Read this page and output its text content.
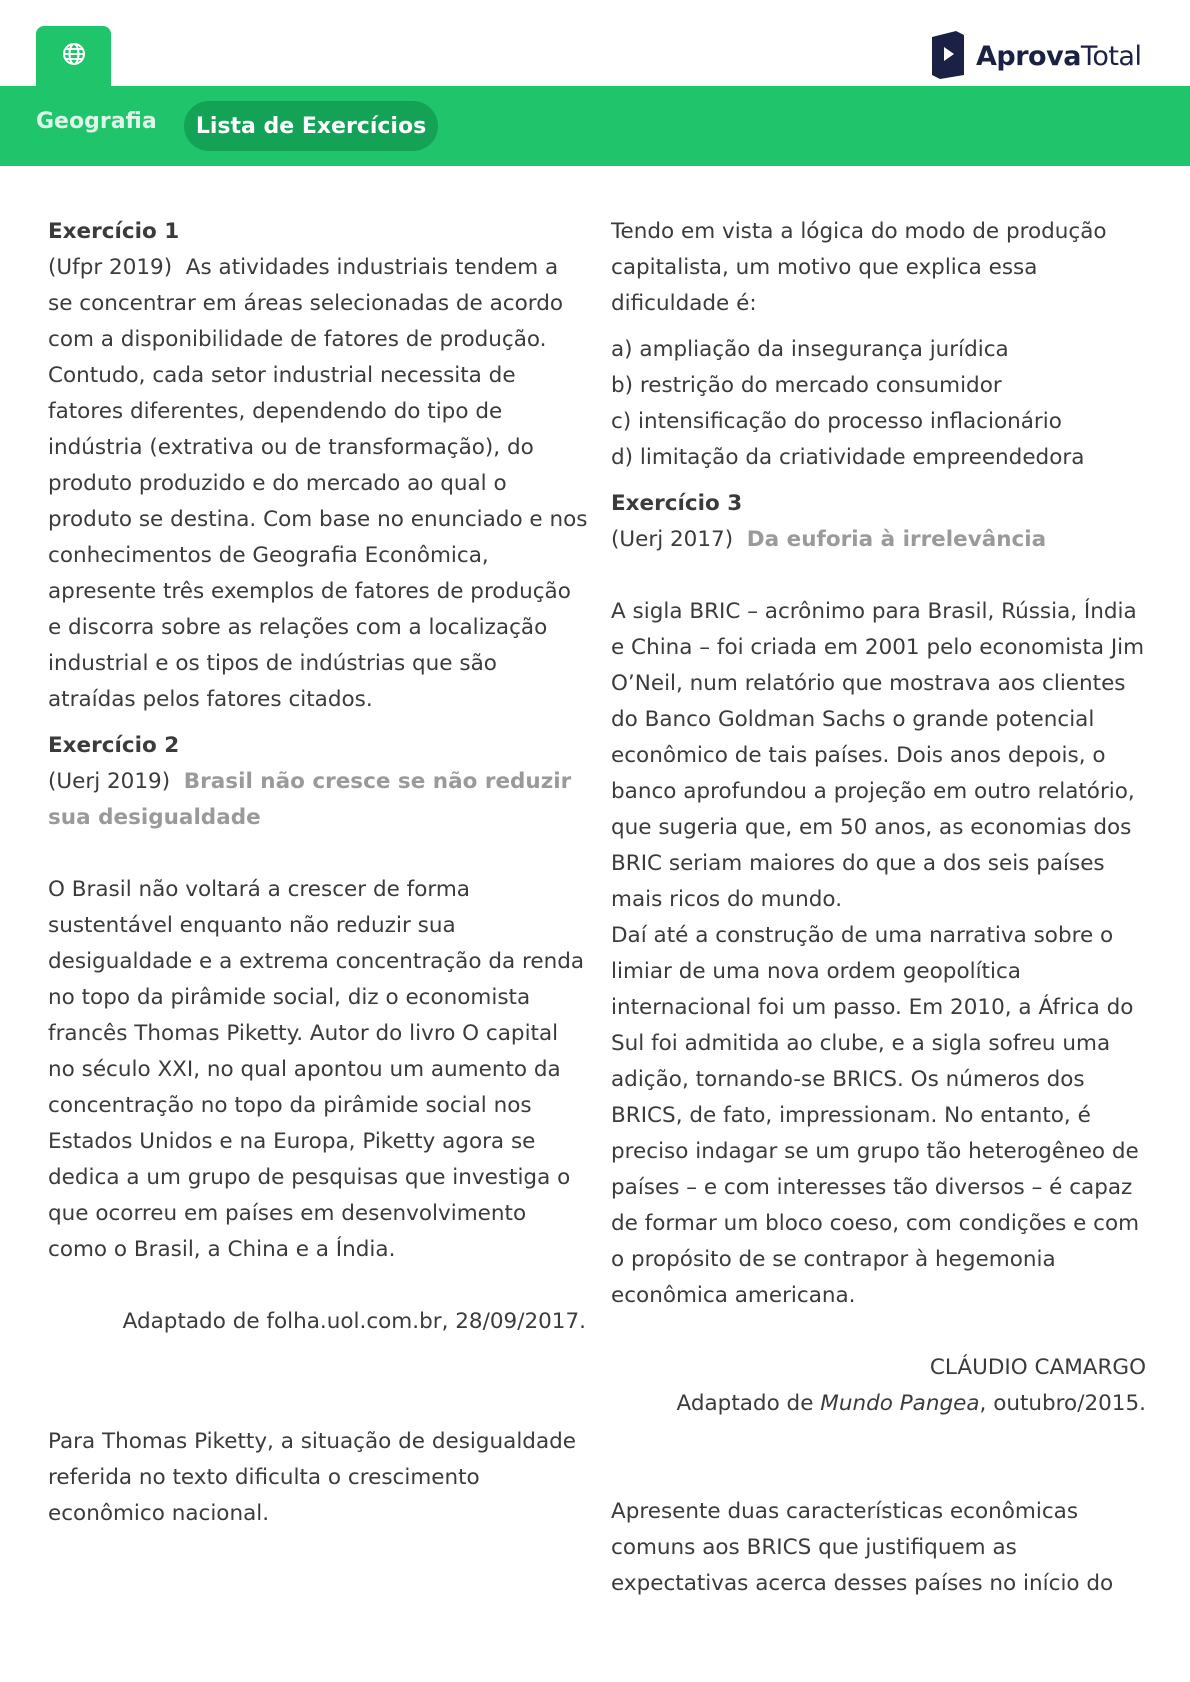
AprovaTotal
Geografia	Lista de Exercícios
Exercício 1

(Ufpr 2019) As atividades industriais tendem a se concentrar em áreas selecionadas de acordo com a disponibilidade de fatores de produção. Contudo, cada setor industrial necessita de fatores diferentes, dependendo do tipo de indústria (extrativa ou de transformação), do produto produzido e do mercado ao qual o produto se destina. Com base no enunciado e nos conhecimentos de Geografia Econômica, apresente três exemplos de fatores de produção e discorra sobre as relações com a localização industrial e os tipos de indústrias que são atraídas pelos fatores citados.

Exercício 2

(Uerj 2019) Brasil não cresce se não reduzir sua desigualdade

O Brasil não voltará a crescer de forma sustentável enquanto não reduzir sua desigualdade e a extrema concentração da renda no topo da pirâmide social, diz o economista francês Thomas Piketty. Autor do livro O capital no século XXI, no qual apontou um aumento da concentração no topo da pirâmide social nos Estados Unidos e na Europa, Piketty agora se dedica a um grupo de pesquisas que investiga o que ocorreu em países em desenvolvimento como o Brasil, a China e a Índia.

Adaptado de folha.uol.com.br, 28/09/2017.

Para Thomas Piketty, a situação de desigualdade referida no texto dificulta o crescimento econômico nacional.

Tendo em vista a lógica do modo de produção capitalista, um motivo que explica essa dificuldade é:

a) ampliação da insegurança jurídica
b) restrição do mercado consumidor
c) intensificação do processo inflacionário
d) limitação da criatividade empreendedora
Exercício 3

(Uerj 2017) Da euforia à irrelevância

A sigla BRIC – acrônimo para Brasil, Rússia, Índia e China – foi criada em 2001 pelo economista Jim O’Neil, num relatório que mostrava aos clientes do Banco Goldman Sachs o grande potencial econômico de tais países. Dois anos depois, o banco aprofundou a projeção em outro relatório, que sugeria que, em 50 anos, as economias dos BRIC seriam maiores do que a dos seis países mais ricos do mundo.

Daí até a construção de uma narrativa sobre o limiar de uma nova ordem geopolítica internacional foi um passo. Em 2010, a África do Sul foi admitida ao clube, e a sigla sofreu uma adição, tornando-se BRICS. Os números dos BRICS, de fato, impressionam. No entanto, é preciso indagar se um grupo tão heterogêneo de países – e com interesses tão diversos – é capaz de formar um bloco coeso, com condições e com o propósito de se contrapor à hegemonia econômica americana.

CLÁUDIO CAMARGO

Adaptado de Mundo Pangea, outubro/2015.

Apresente duas características econômicas comuns aos BRICS que justifiquem as expectativas acerca desses países no início do
